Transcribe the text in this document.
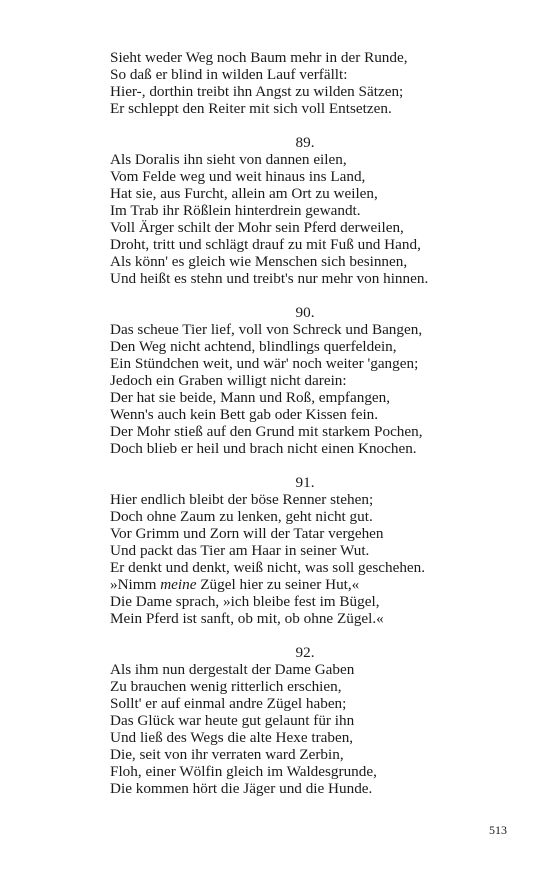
Sieht weder Weg noch Baum mehr in der Runde,
So daß er blind in wilden Lauf verfällt:
Hier-, dorthin treibt ihn Angst zu wilden Sätzen;
Er schleppt den Reiter mit sich voll Entsetzen.
89.
Als Doralis ihn sieht von dannen eilen,
Vom Felde weg und weit hinaus ins Land,
Hat sie, aus Furcht, allein am Ort zu weilen,
Im Trab ihr Rößlein hinterdrein gewandt.
Voll Ärger schilt der Mohr sein Pferd derweilen,
Droht, tritt und schlägt drauf zu mit Fuß und Hand,
Als könn' es gleich wie Menschen sich besinnen,
Und heißt es stehn und treibt's nur mehr von hinnen.
90.
Das scheue Tier lief, voll von Schreck und Bangen,
Den Weg nicht achtend, blindlings querfeldein,
Ein Stündchen weit, und wär' noch weiter 'gangen;
Jedoch ein Graben willigt nicht darein:
Der hat sie beide, Mann und Roß, empfangen,
Wenn's auch kein Bett gab oder Kissen fein.
Der Mohr stieß auf den Grund mit starkem Pochen,
Doch blieb er heil und brach nicht einen Knochen.
91.
Hier endlich bleibt der böse Renner stehen;
Doch ohne Zaum zu lenken, geht nicht gut.
Vor Grimm und Zorn will der Tatar vergehen
Und packt das Tier am Haar in seiner Wut.
Er denkt und denkt, weiß nicht, was soll geschehen.
»Nimm meine Zügel hier zu seiner Hut,«
Die Dame sprach, »ich bleibe fest im Bügel,
Mein Pferd ist sanft, ob mit, ob ohne Zügel.«
92.
Als ihm nun dergestalt der Dame Gaben
Zu brauchen wenig ritterlich erschien,
Sollt' er auf einmal andre Zügel haben;
Das Glück war heute gut gelaunt für ihn
Und ließ des Wegs die alte Hexe traben,
Die, seit von ihr verraten ward Zerbin,
Floh, einer Wölfin gleich im Waldesgrunde,
Die kommen hört die Jäger und die Hunde.
513
